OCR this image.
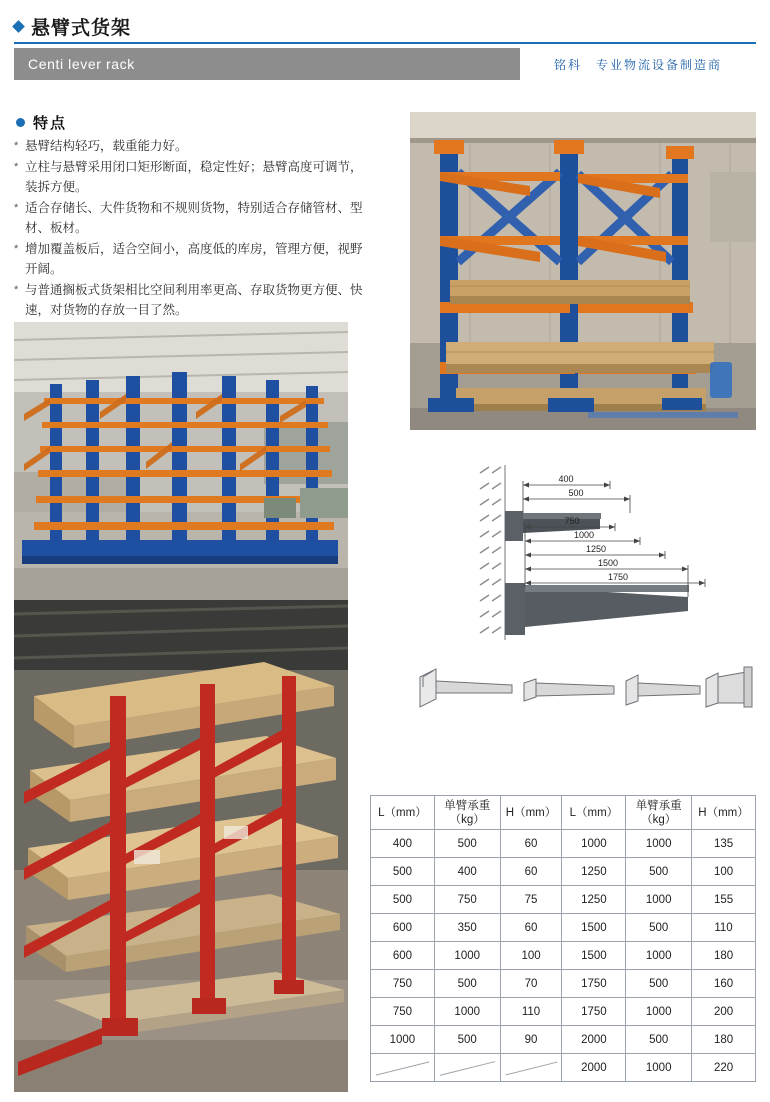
悬臂式货架
Centi lever rack	铭科 专业物流设备制造商
特点
* 悬臂结构轻巧，载重能力好。
* 立柱与悬臂采用闭口矩形断面，稳定性好；悬臂高度可调节，装拆方便。
* 适合存储长、大件货物和不规则货物，特别适合存储管材、型材、板材。
* 增加覆盖板后，适合空间小，高度低的库房，管理方便，视野开阔。
* 与普通搁板式货架相比空间利用率更高、存取货物更方便、快速，对货物的存放一目了然。
400
500
750
1000
1250
1500
1750
L（mm）	单臂承重（kg）	H（mm）	L（mm）	单臂承重（kg）	H（mm）
400	500	60	1000	1000	135
500	400	60	1250	500	100
500	750	75	1250	1000	155
600	350	60	1500	500	110
600	1000	100	1500	1000	180
750	500	70	1750	500	160
750	1000	110	1750	1000	200
1000	500	90	2000	500	180
			2000	1000	220
